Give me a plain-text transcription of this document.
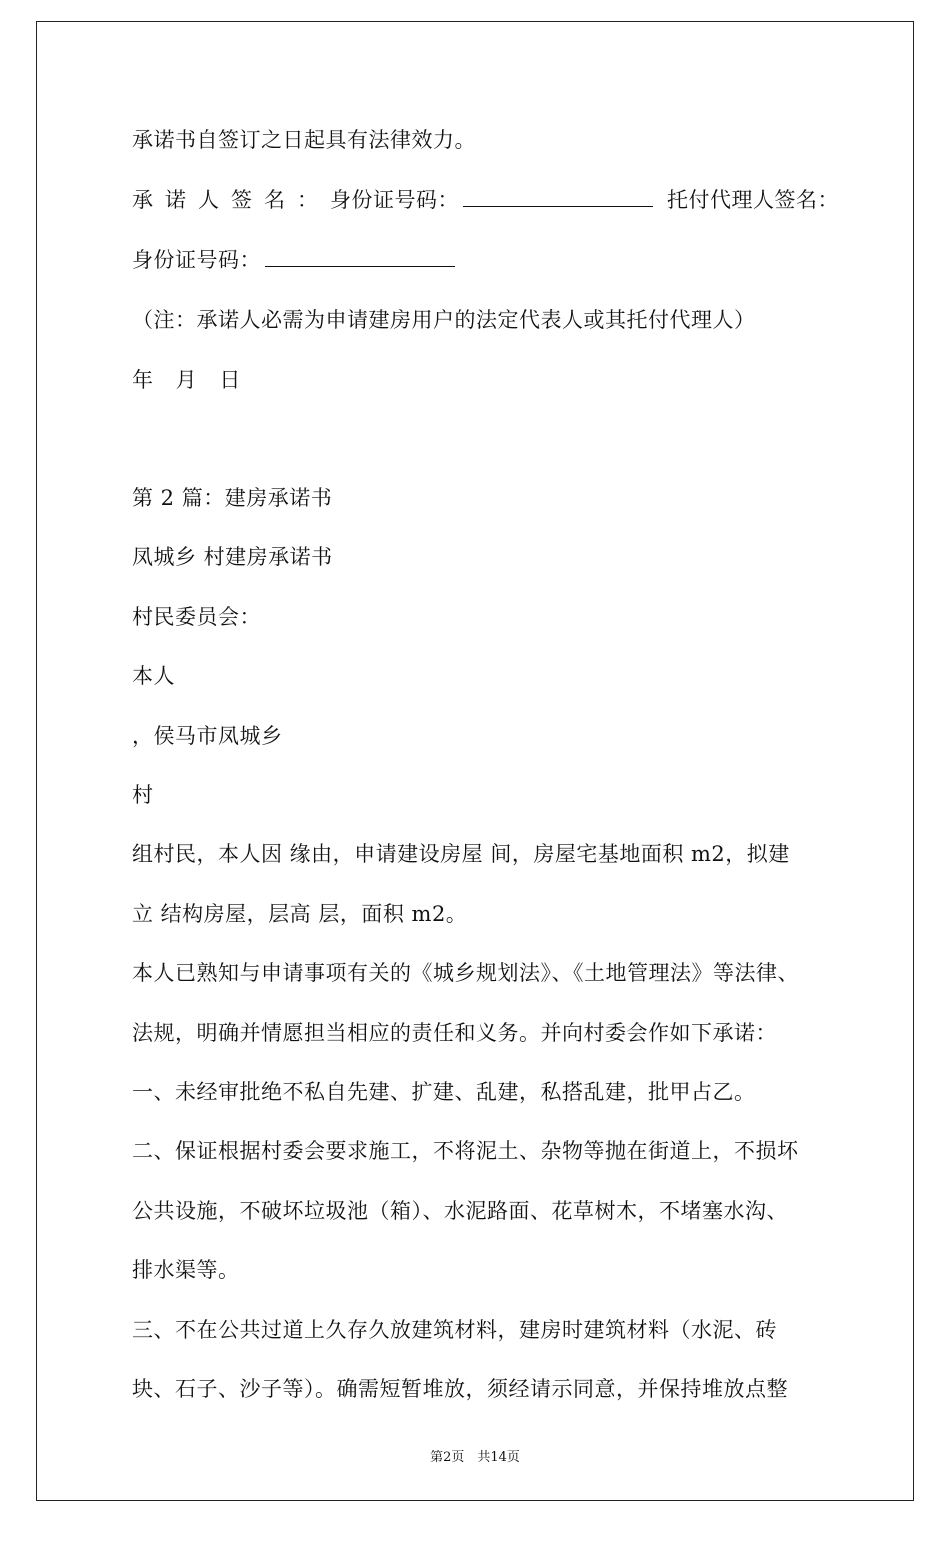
承诺书自签订之日起具有法律效力。
承诺人签名：身份证号码：	托付代理人签名：
身份证号码：
（注：承诺人必需为申请建房用户的法定代表人或其托付代理人）
年 月 日
第 2 篇：建房承诺书
凤城乡 村建房承诺书
村民委员会：
本人
，侯马市凤城乡
村
组村民，本人因 缘由，申请建设房屋 间，房屋宅基地面积 m2，拟建
立 结构房屋，层高 层，面积 m2。
本人已熟知与申请事项有关的《城乡规划法》、《土地管理法》等法律、
法规，明确并情愿担当相应的责任和义务。并向村委会作如下承诺：
一、未经审批绝不私自先建、扩建、乱建，私搭乱建，批甲占乙。
二、保证根据村委会要求施工，不将泥土、杂物等抛在街道上，不损坏
公共设施，不破坏垃圾池（箱）、水泥路面、花草树木，不堵塞水沟、
排水渠等。
三、不在公共过道上久存久放建筑材料，建房时建筑材料（水泥、砖
块、石子、沙子等）。确需短暂堆放，须经请示同意，并保持堆放点整
第2页　共14页
